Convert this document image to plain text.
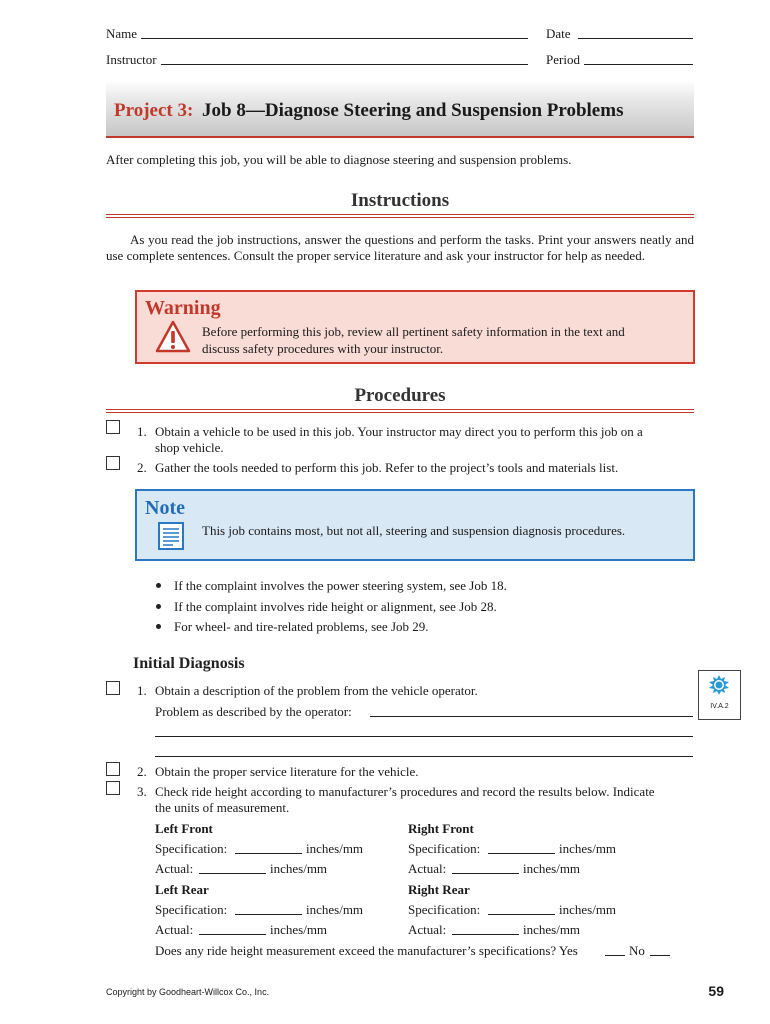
Name	Date
Instructor	Period
Project 3: Job 8—Diagnose Steering and Suspension Problems
After completing this job, you will be able to diagnose steering and suspension problems.
Instructions
As you read the job instructions, answer the questions and perform the tasks. Print your answers neatly and use complete sentences. Consult the proper service literature and ask your instructor for help as needed.
Warning
Before performing this job, review all pertinent safety information in the text and
discuss safety procedures with your instructor.
Procedures
1. Obtain a vehicle to be used in this job. Your instructor may direct you to perform this job on a
shop vehicle.
2. Gather the tools needed to perform this job. Refer to the project’s tools and materials list.
Note
This job contains most, but not all, steering and suspension diagnosis procedures.
If the complaint involves the power steering system, see Job 18.
If the complaint involves ride height or alignment, see Job 28.
For wheel- and tire-related problems, see Job 29.
Initial Diagnosis
1. Obtain a description of the problem from the vehicle operator.
Problem as described by the operator:	IV.A.2
2. Obtain the proper service literature for the vehicle.
3. Check ride height according to manufacturer’s procedures and record the results below. Indicate
the units of measurement.
Left Front	Right Front
Specification:	inches/mm	Specification:	inches/mm
Actual:	inches/mm	Actual:	inches/mm
Left Rear	Right Rear
Specification:	inches/mm	Specification:	inches/mm
Actual:	inches/mm	Actual:	inches/mm
Does any ride height measurement exceed the manufacturer’s specifications? Yes	No
Copyright by Goodheart-Willcox Co., Inc.	59
